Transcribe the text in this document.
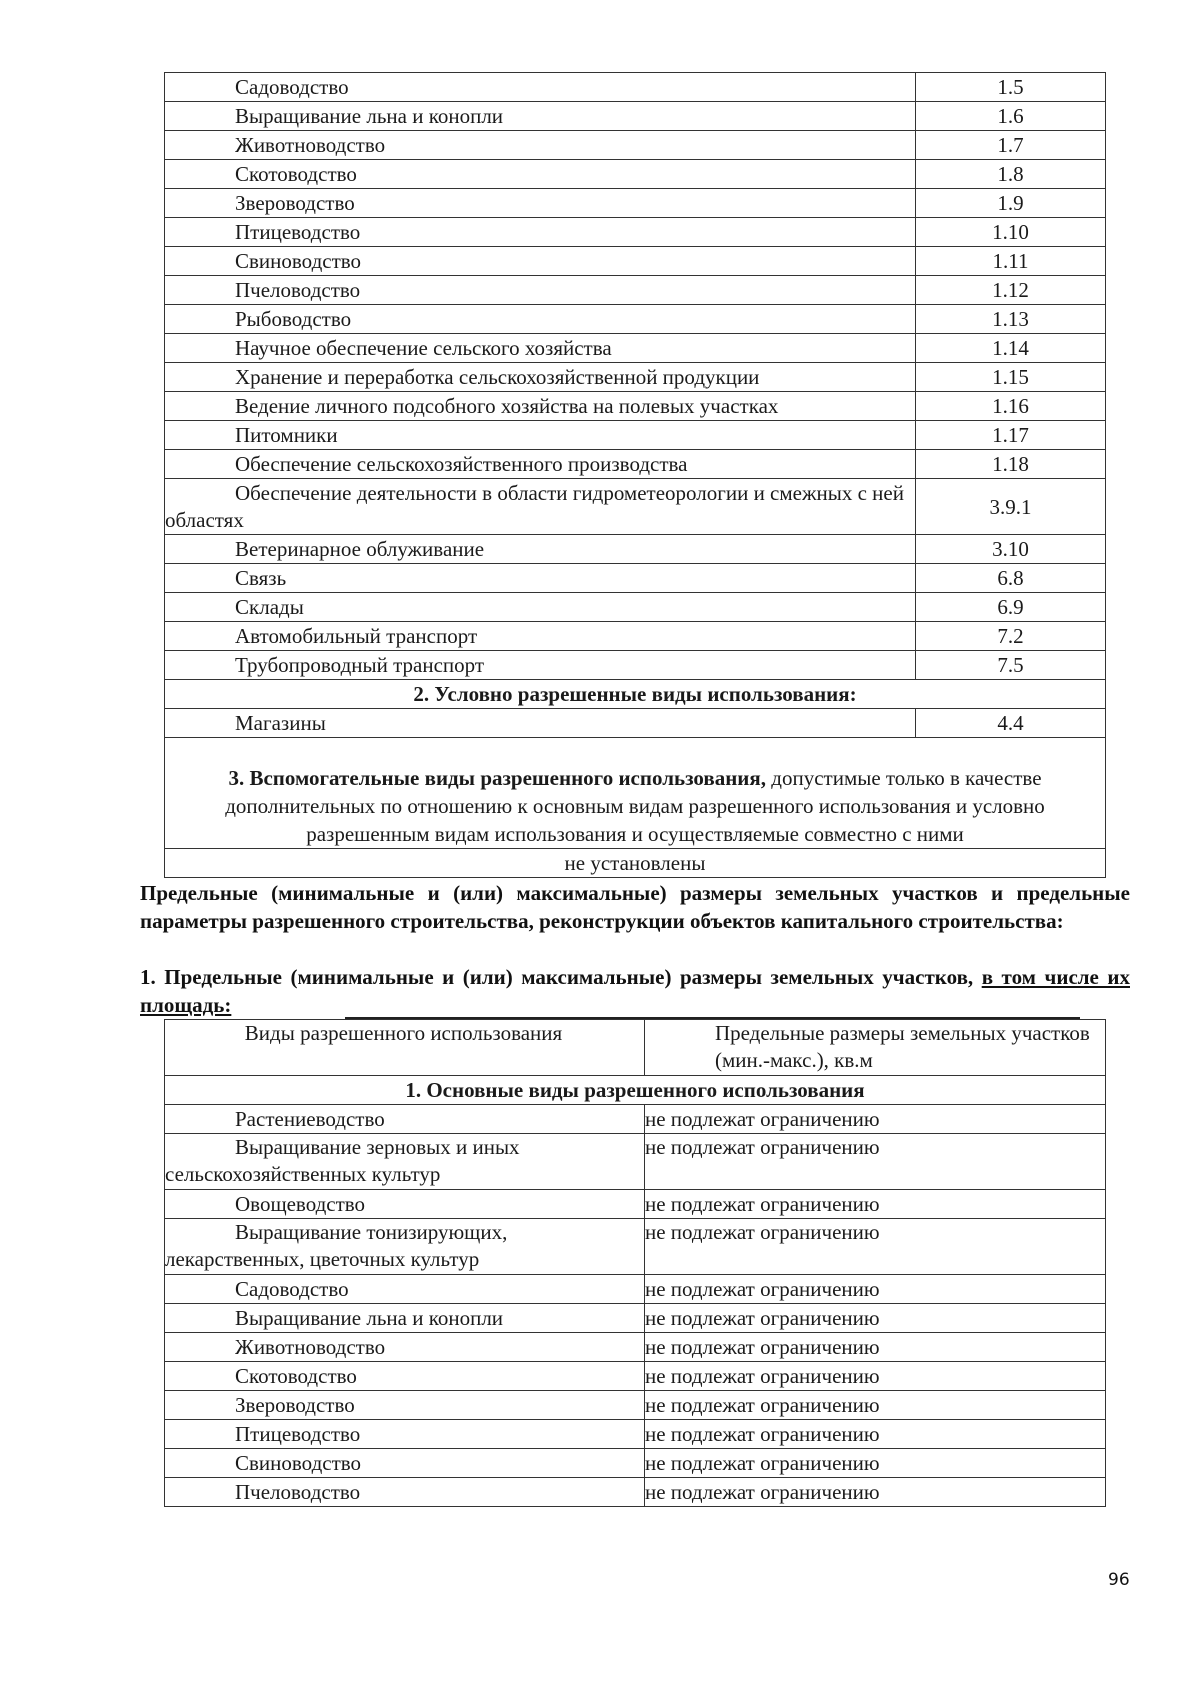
Садоводство	1.5

Выращивание льна и конопли	1.6

Животноводство	1.7

Скотоводство	1.8

Звероводство	1.9

Птицеводство	1.10

Свиноводство	1.11

Пчеловодство	1.12

Рыбоводство	1.13

Научное обеспечение сельского хозяйства	1.14

Хранение и переработка сельскохозяйственной продукции	1.15

Ведение личного подсобного хозяйства на полевых участках	1.16

Питомники	1.17

Обеспечение сельскохозяйственного производства	1.18

Обеспечение деятельности в области гидрометеорологии и смежных с ней областях	3.9.1

Ветеринарное облуживание	3.10

Связь	6.8

Склады	6.9

Автомобильный транспорт	7.2

Трубопроводный транспорт	7.5
2. Условно разрешенные виды использования:	

Магазины	4.4
3. Вспомогательные виды разрешенного использования, допустимые только в качестве дополнительных по отношению к основным видам разрешенного использования и условно разрешенным видам использования и осуществляемые совместно с ними	
не установлены	
Предельные (минимальные и (или) максимальные) размеры земельных участков и предельные параметры разрешенного строительства, реконструкции объектов капитального строительства:
1. Предельные (минимальные и (или) максимальные) размеры земельных участков, в том числе их площадь:
Виды разрешенного использования	Предельные размеры земельных участков (мин.-макс.), кв.м
1. Основные виды разрешенного использования	

Растениеводство	не подлежат ограничению

Выращивание зерновых и иных сельскохозяйственных культур	не подлежат ограничению

Овощеводство	не подлежат ограничению

Выращивание тонизирующих, лекарственных, цветочных культур	не подлежат ограничению

Садоводство	не подлежат ограничению

Выращивание льна и конопли	не подлежат ограничению

Животноводство	не подлежат ограничению

Скотоводство	не подлежат ограничению

Звероводство	не подлежат ограничению

Птицеводство	не подлежат ограничению

Свиноводство	не подлежат ограничению

Пчеловодство	не подлежат ограничению
96
